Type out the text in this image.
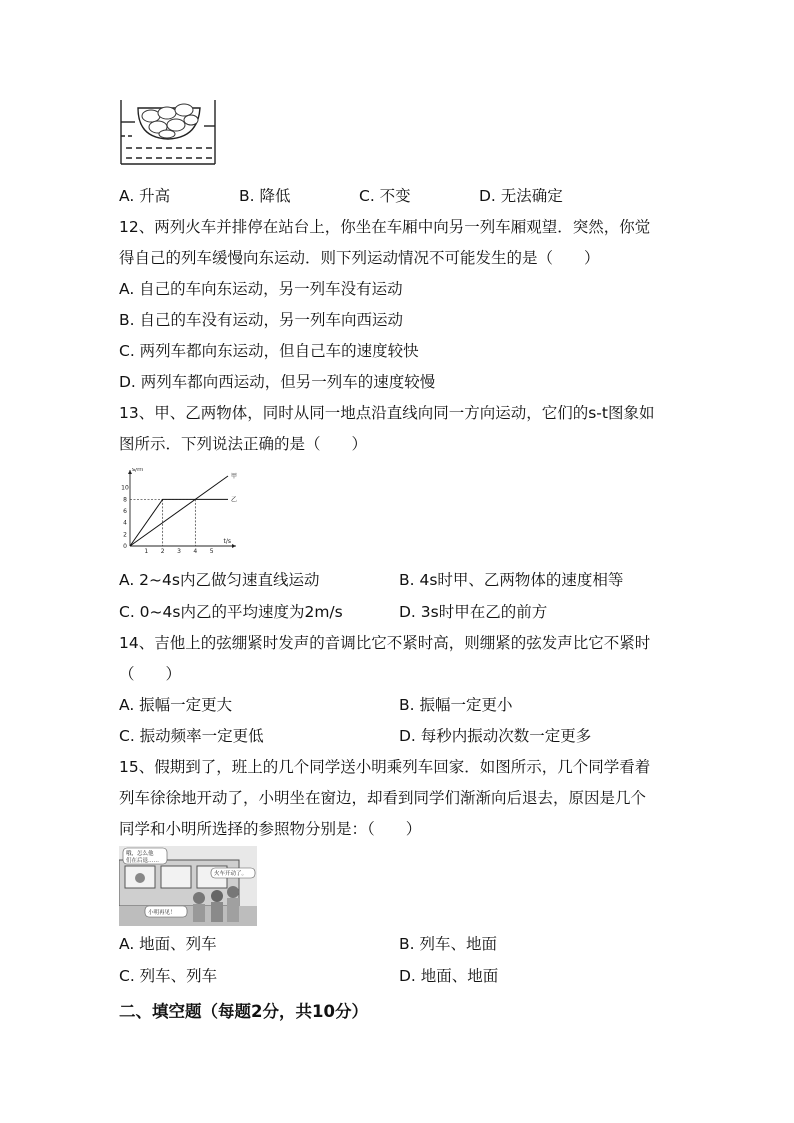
A. 升高	B. 降低	C. 不变	D. 无法确定
12、两列火车并排停在站台上，你坐在车厢中向另一列车厢观望．突然，你觉
得自己的列车缓慢向东运动．则下列运动情况不可能发生的是（　　）
A. 自己的车向东运动，另一列车没有运动
B. 自己的车没有运动，另一列车向西运动
C. 两列车都向东运动，但自己车的速度较快
D. 两列车都向西运动，但另一列车的速度较慢
13、甲、乙两物体，同时从同一地点沿直线向同一方向运动，它们的s-t图象如
图所示．下列说法正确的是（　　）
s/m
t/s
0
1 2 3 4 5
2
4
6
8
10
甲
乙
A. 2~4s内乙做匀速直线运动	B. 4s时甲、乙两物体的速度相等
C. 0~4s内乙的平均速度为2m/s	D. 3s时甲在乙的前方
14、吉他上的弦绷紧时发声的音调比它不紧时高，则绷紧的弦发声比它不紧时
（　　）
A. 振幅一定更大	B. 振幅一定更小
C. 振动频率一定更低	D. 每秒内振动次数一定更多
15、假期到了，班上的几个同学送小明乘列车回家．如图所示，几个同学看着
列车徐徐地开动了，小明坐在窗边，却看到同学们渐渐向后退去，原因是几个
同学和小明所选择的参照物分别是：（　　）
哦，怎么他
们在后退……
火车开动了。
小明再见！
A. 地面、列车	B. 列车、地面
C. 列车、列车	D. 地面、地面
二、填空题（每题2分，共10分）
